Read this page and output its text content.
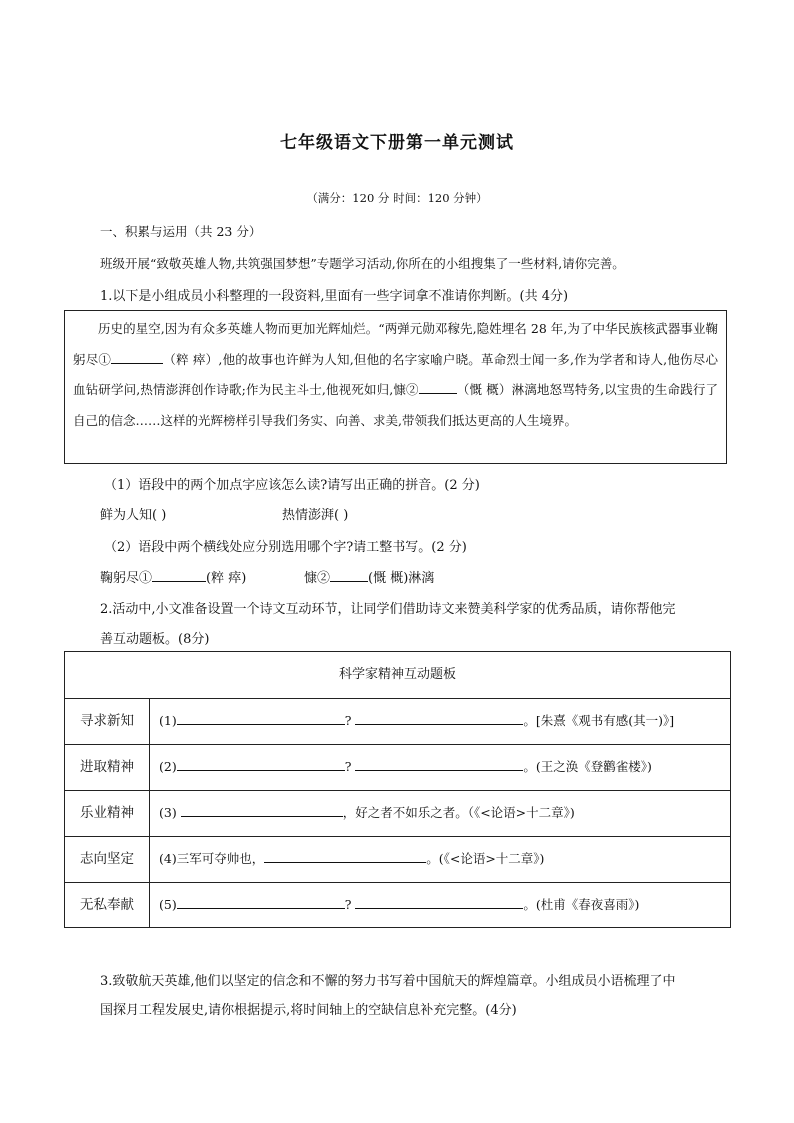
七年级语文下册第一单元测试
（满分：120 分 时间：120 分钟）
一、积累与运用（共 23 分）
班级开展“致敬英雄人物,共筑强国梦想”专题学习活动,你所在的小组搜集了一些材料,请你完善。
1.以下是小组成员小科整理的一段资料,里面有一些字词拿不准请你判断。(共 4分)

历史的星空,因为有众多英雄人物而更加光辉灿烂。“两弹元勋邓稼先,隐姓埋名 28 年,为了中华民族核武器事业鞠躬尽①	（粹 瘁）,他的故事也许鲜为人知,但他的名字家喻户晓。革命烈士闻一多,作为学者和诗人,他伤尽心血钻研学问,热情澎湃创作诗歌;作为民主斗士,他视死如归,慷②	（慨 概）淋漓地怒骂特务,以宝贵的生命践行了自己的信念……这样的光辉榜样引导我们务实、向善、求美,带领我们抵达更高的人生境界。

（1）语段中的两个加点字应该怎么读?请写出正确的拼音。(2 分)
鲜为人知( )	热情澎湃( )
（2）语段中两个横线处应分别选用哪个字?请工整书写。(2 分)
鞠躬尽①	(粹 瘁)	慷②	(慨 概)淋漓
2.活动中,小文准备设置一个诗文互动环节，让同学们借助诗文来赞美科学家的优秀品质，请你帮他完
善互动题板。(8分)
科学家精神互动题板
寻求新知	(1)	?	。[朱熹《观书有感(其一)》]
进取精神	(2)	?	。(王之涣《登鹳雀楼》)
乐业精神	(3)	，好之者不如乐之者。（《<论语>十二章》)
志向坚定	(4)三军可夺帅也，	。(《<论语>十二章》)
无私奉献	(5)	?	。(杜甫《春夜喜雨》)
3.致敬航天英雄,他们以坚定的信念和不懈的努力书写着中国航天的辉煌篇章。小组成员小语梳理了中
国探月工程发展史,请你根据提示,将时间轴上的空缺信息补充完整。(4分)
